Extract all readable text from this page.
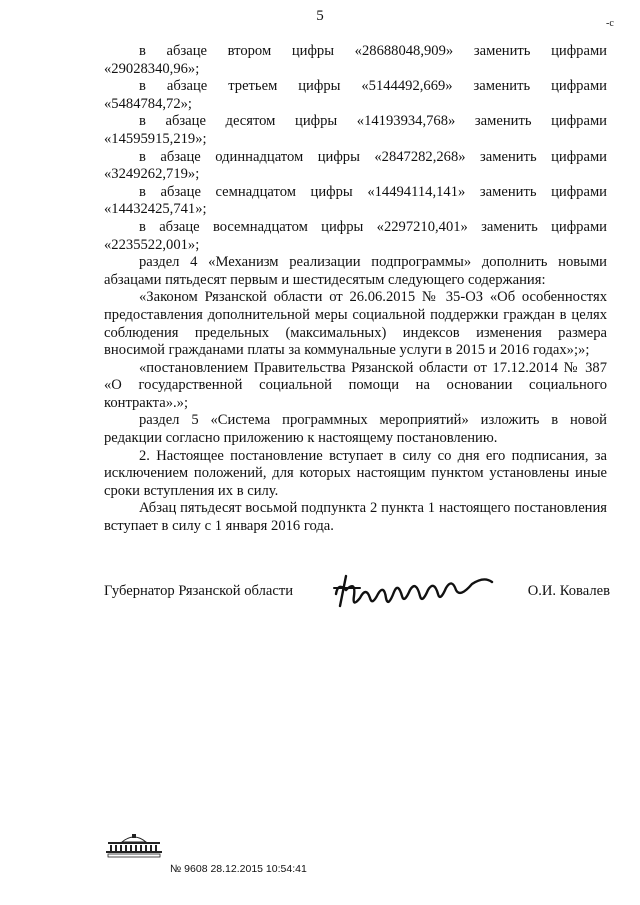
5	-c

в абзаце втором цифры «28688048,909» заменить цифрами «29028340,96»;

в абзаце третьем цифры «5144492,669» заменить цифрами «5484784,72»;

в абзаце десятом цифры «14193934,768» заменить цифрами «14595915,219»;

в абзаце одиннадцатом цифры «2847282,268» заменить цифрами «3249262,719»;

в абзаце семнадцатом цифры «14494114,141» заменить цифрами «14432425,741»;

в абзаце восемнадцатом цифры «2297210,401» заменить цифрами «2235522,001»;

раздел 4 «Механизм реализации подпрограммы» дополнить новыми абзацами пятьдесят первым и шестидесятым следующего содержания:

«Законом Рязанской области от 26.06.2015 № 35-ОЗ «Об особенностях предоставления дополнительной меры социальной поддержки граждан в целях соблюдения предельных (максимальных) индексов изменения размера вносимой гражданами платы за коммунальные услуги в 2015 и 2016 годах»;»;

«постановлением Правительства Рязанской области от 17.12.2014 № 387 «О государственной социальной помощи на основании социального контракта».»;

раздел 5 «Система программных мероприятий» изложить в новой редакции согласно приложению к настоящему постановлению.

2. Настоящее постановление вступает в силу со дня его подписания, за исключением положений, для которых настоящим пунктом установлены иные сроки вступления их в силу.

Абзац пятьдесят восьмой подпункта 2 пункта 1 настоящего постановления вступает в силу с 1 января 2016 года.

Губернатор Рязанской области	О.И. Ковалев
№ 9608 28.12.2015 10:54:41
